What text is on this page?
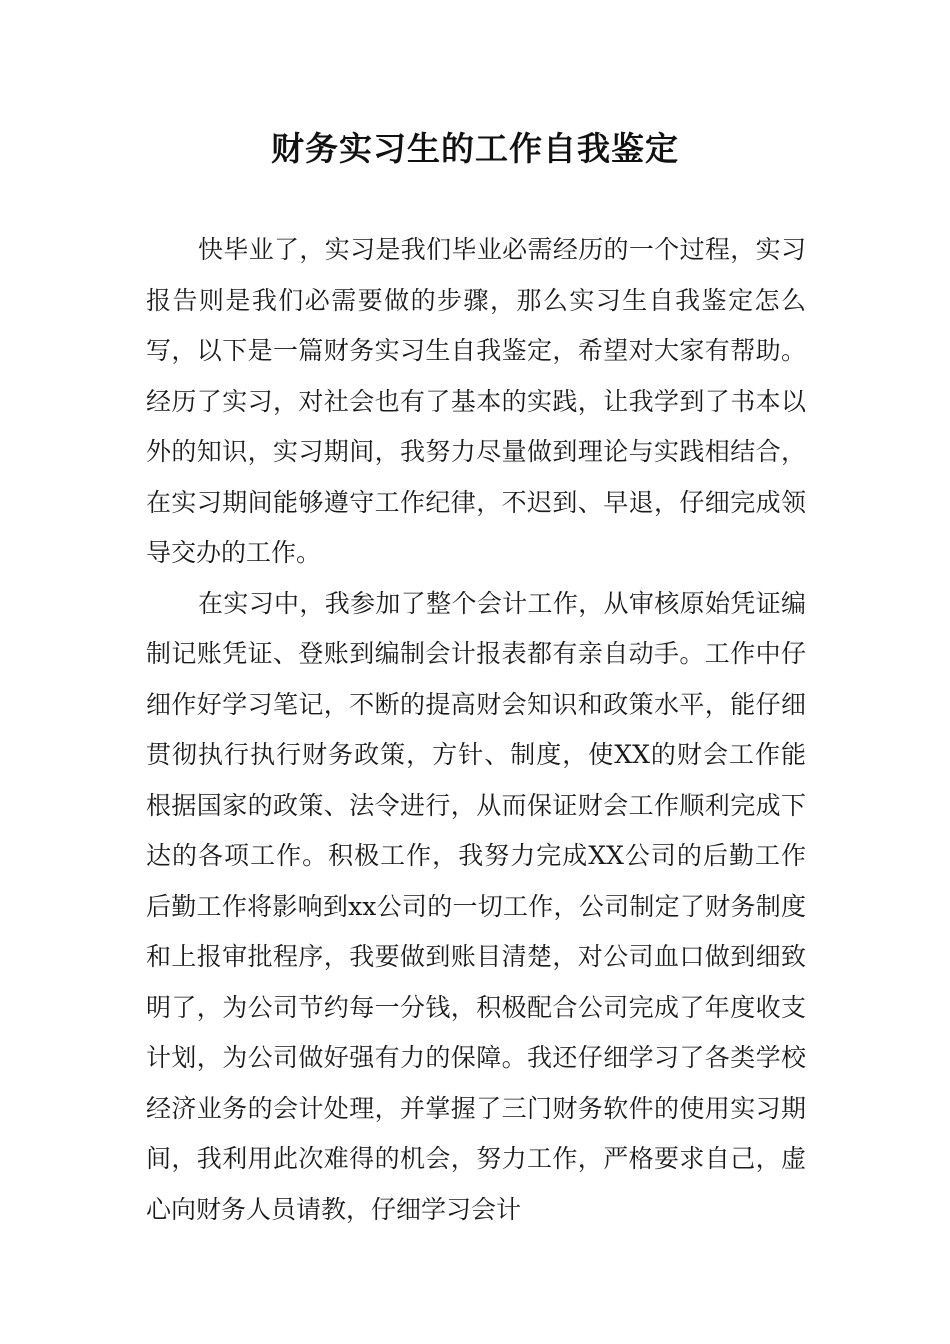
财务实习生的工作自我鉴定

快毕业了，实习是我们毕业必需经历的一个过程，实习报告则是我们必需要做的步骤，那么实习生自我鉴定怎么写，以下是一篇财务实习生自我鉴定，希望对大家有帮助。经历了实习，对社会也有了基本的实践，让我学到了书本以外的知识，实习期间，我努力尽量做到理论与实践相结合，在实习期间能够遵守工作纪律，不迟到、早退，仔细完成领导交办的工作。

在实习中，我参加了整个会计工作，从审核原始凭证编制记账凭证、登账到编制会计报表都有亲自动手。工作中仔细作好学习笔记，不断的提高财会知识和政策水平，能仔细贯彻执行执行财务政策，方针、制度，使XX的财会工作能根据国家的政策、法令进行，从而保证财会工作顺利完成下达的各项工作。积极工作，我努力完成XX公司的后勤工作 后勤工作将影响到xx公司的一切工作，公司制定了财务制度和上报审批程序，我要做到账目清楚，对公司血口做到细致明了，为公司节约每一分钱，积极配合公司完成了年度收支计划，为公司做好强有力的保障。我还仔细学习了各类学校经济业务的会计处理，并掌握了三门财务软件的使用实习期间，我利用此次难得的机会，努力工作，严格要求自己，虚心向财务人员请教，仔细学习会计
